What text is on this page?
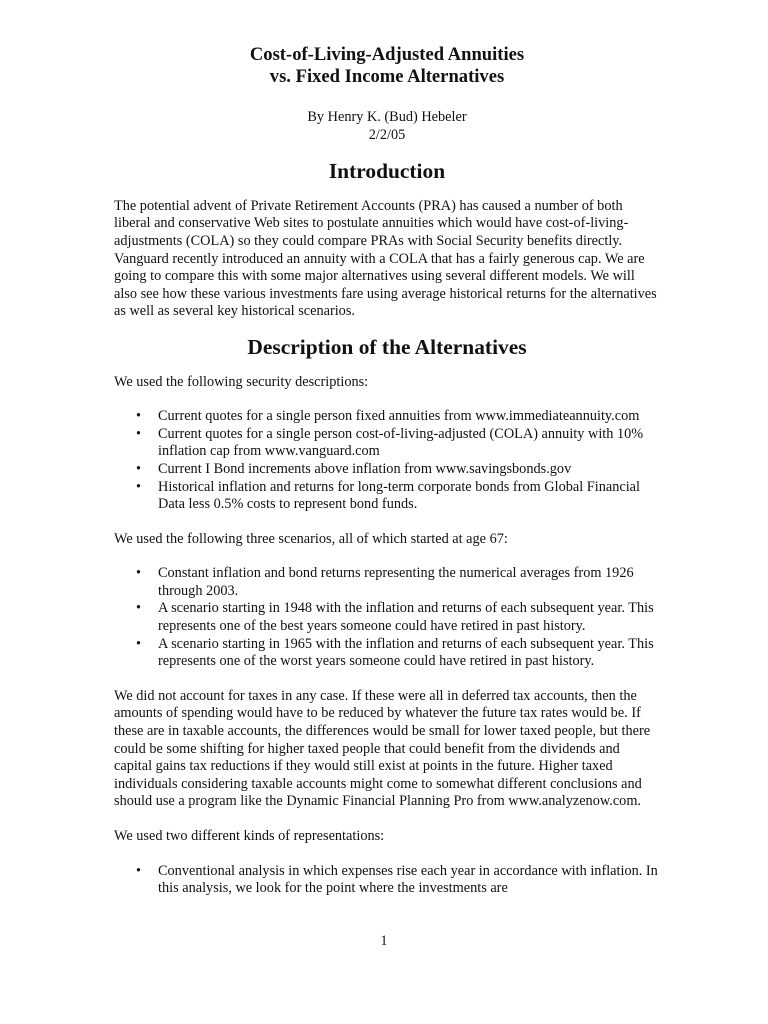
Cost-of-Living-Adjusted Annuities
vs. Fixed Income Alternatives
By Henry K. (Bud) Hebeler
2/2/05
Introduction

The potential advent of Private Retirement Accounts (PRA) has caused a number of both liberal and conservative Web sites to postulate annuities which would have cost-of-living-adjustments (COLA) so they could compare PRAs with Social Security benefits directly. Vanguard recently introduced an annuity with a COLA that has a fairly generous cap. We are going to compare this with some major alternatives using several different models. We will also see how these various investments fare using average historical returns for the alternatives as well as several key historical scenarios.

Description of the Alternatives

We used the following security descriptions:

• Current quotes for a single person fixed annuities from www.immediateannuity.com
• Current quotes for a single person cost-of-living-adjusted (COLA) annuity with 10% inflation cap from www.vanguard.com
• Current I Bond increments above inflation from www.savingsbonds.gov
• Historical inflation and returns for long-term corporate bonds from Global Financial Data less 0.5% costs to represent bond funds.

We used the following three scenarios, all of which started at age 67:

• Constant inflation and bond returns representing the numerical averages from 1926 through 2003.
• A scenario starting in 1948 with the inflation and returns of each subsequent year. This represents one of the best years someone could have retired in past history.
• A scenario starting in 1965 with the inflation and returns of each subsequent year. This represents one of the worst years someone could have retired in past history.

We did not account for taxes in any case. If these were all in deferred tax accounts, then the amounts of spending would have to be reduced by whatever the future tax rates would be. If these are in taxable accounts, the differences would be small for lower taxed people, but there could be some shifting for higher taxed people that could benefit from the dividends and capital gains tax reductions if they would still exist at points in the future. Higher taxed individuals considering taxable accounts might come to somewhat different conclusions and should use a program like the Dynamic Financial Planning Pro from www.analyzenow.com.

We used two different kinds of representations:

• Conventional analysis in which expenses rise each year in accordance with inflation. In this analysis, we look for the point where the investments are
1
